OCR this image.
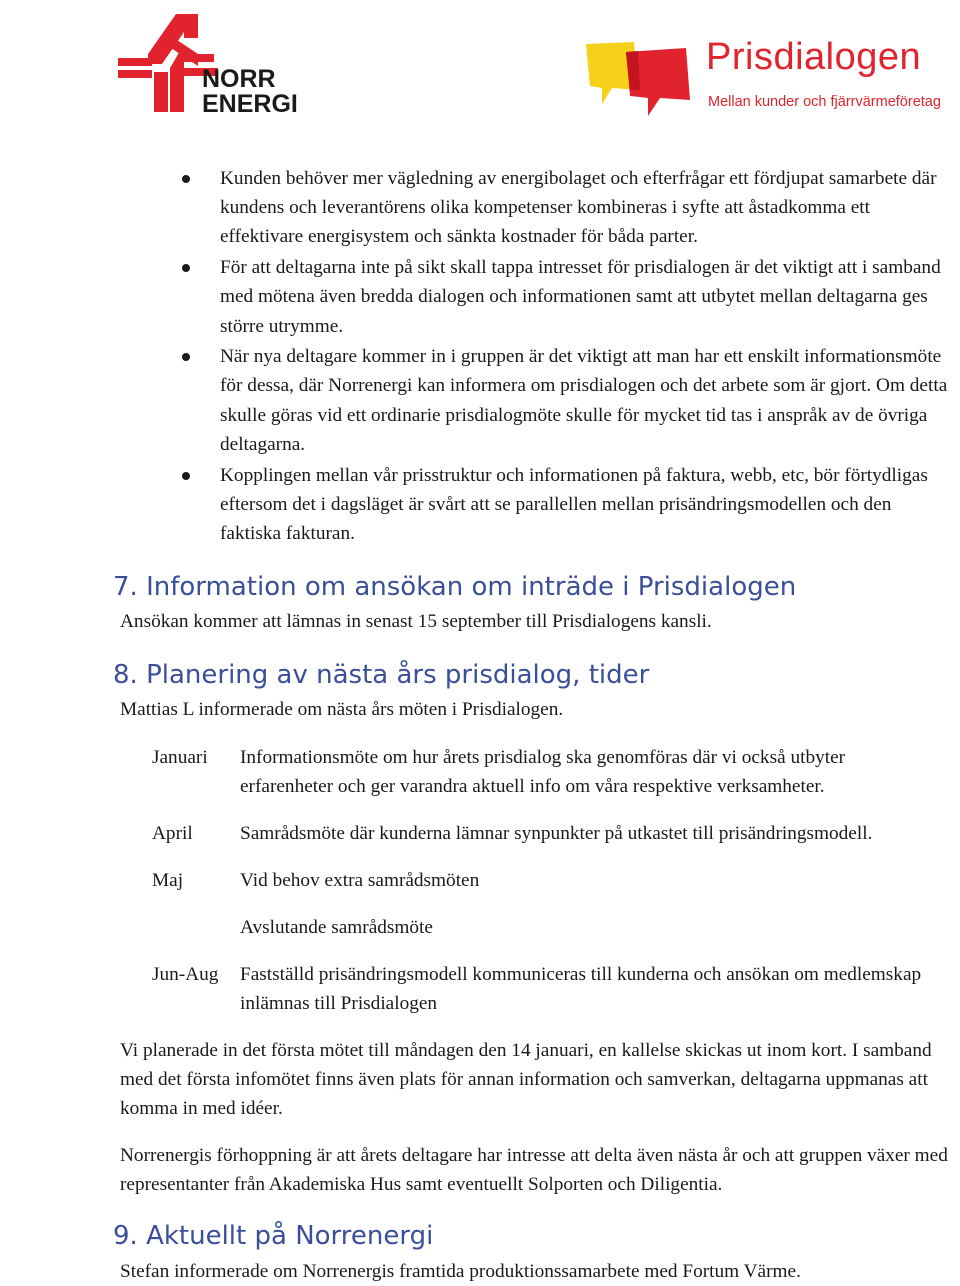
NORR
ENERGI
Prisdialogen
Mellan kunder och fjärrvärmeföretag
Kunden behöver mer vägledning av energibolaget och efterfrågar ett fördjupat samarbete där kundens och leverantörens olika kompetenser kombineras i syfte att åstadkomma ett effektivare energisystem och sänkta kostnader för båda parter.
För att deltagarna inte på sikt skall tappa intresset för prisdialogen är det viktigt att i samband med mötena även bredda dialogen och informationen samt att utbytet mellan deltagarna ges större utrymme.
När nya deltagare kommer in i gruppen är det viktigt att man har ett enskilt informationsmöte för dessa, där Norrenergi kan informera om prisdialogen och det arbete som är gjort. Om detta skulle göras vid ett ordinarie prisdialogmöte skulle för mycket tid tas i anspråk av de övriga deltagarna.
Kopplingen mellan vår prisstruktur och informationen på faktura, webb, etc, bör förtydligas eftersom det i dagsläget är svårt att se parallellen mellan prisändringsmodellen och den faktiska fakturan.
7. Information om ansökan om inträde i Prisdialogen
Ansökan kommer att lämnas in senast 15 september till Prisdialogens kansli.
8. Planering av nästa års prisdialog, tider
Mattias L informerade om nästa års möten i Prisdialogen.
Januari Informationsmöte om hur årets prisdialog ska genomföras där vi också utbyter erfarenheter och ger varandra aktuell info om våra respektive verksamheter.
April Samrådsmöte där kunderna lämnar synpunkter på utkastet till prisändringsmodell.
Maj	Vid behov extra samrådsmöten
Avslutande samrådsmöte
Jun-Aug Fastställd prisändringsmodell kommuniceras till kunderna och ansökan om medlemskap inlämnas till Prisdialogen
Vi planerade in det första mötet till måndagen den 14 januari, en kallelse skickas ut inom kort. I samband med det första infomötet finns även plats för annan information och samverkan, deltagarna uppmanas att komma in med idéer.
Norrenergis förhoppning är att årets deltagare har intresse att delta även nästa år och att gruppen växer med representanter från Akademiska Hus samt eventuellt Solporten och Diligentia.
9. Aktuellt på Norrenergi
Stefan informerade om Norrenergis framtida produktionssamarbete med Fortum Värme.
